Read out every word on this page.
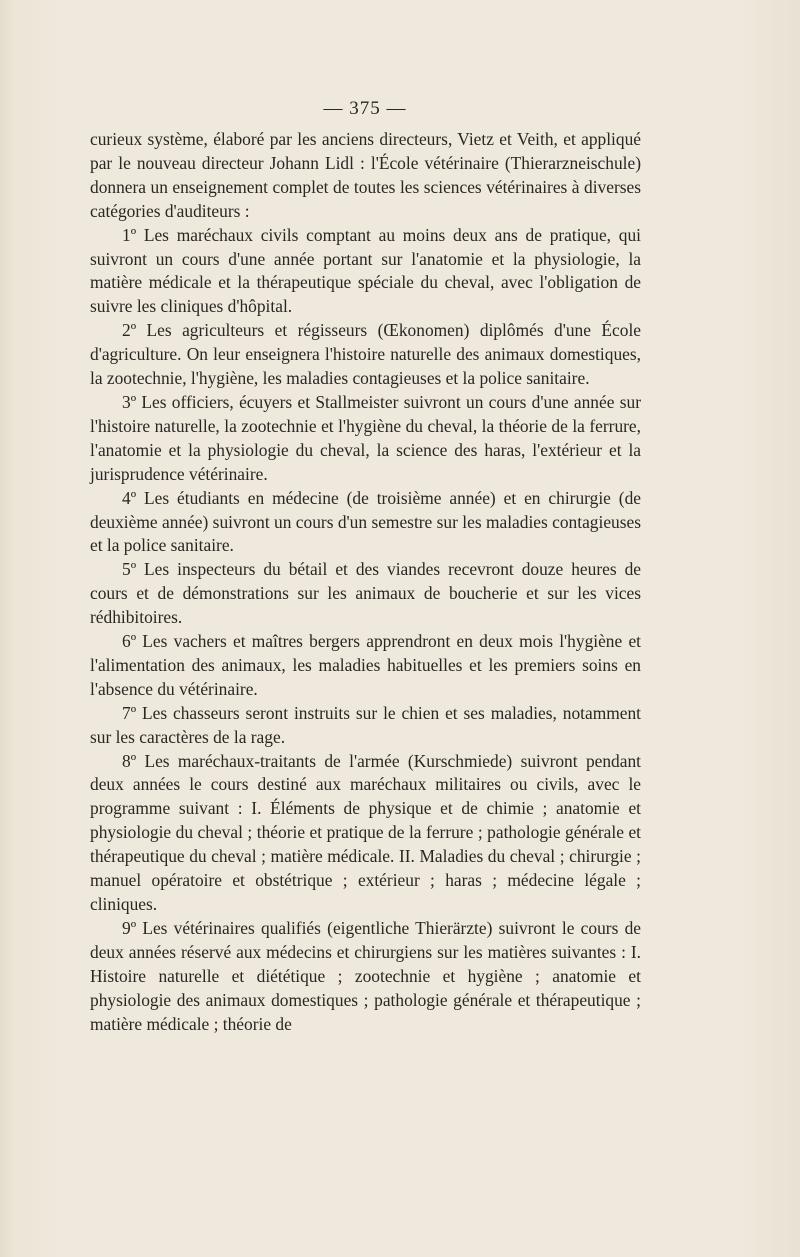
— 375 —

curieux système, élaboré par les anciens directeurs, Vietz et Veith, et appliqué par le nouveau directeur Johann Lidl : l'École vétérinaire (Thierarzneischule) donnera un enseignement complet de toutes les sciences vétérinaires à diverses catégories d'auditeurs :

1º Les maréchaux civils comptant au moins deux ans de pratique, qui suivront un cours d'une année portant sur l'anatomie et la physiologie, la matière médicale et la thérapeutique spéciale du cheval, avec l'obligation de suivre les cliniques d'hôpital.

2º Les agriculteurs et régisseurs (Œkonomen) diplômés d'une École d'agriculture. On leur enseignera l'histoire naturelle des animaux domestiques, la zootechnie, l'hygiène, les maladies contagieuses et la police sanitaire.

3º Les officiers, écuyers et Stallmeister suivront un cours d'une année sur l'histoire naturelle, la zootechnie et l'hygiène du cheval, la théorie de la ferrure, l'anatomie et la physiologie du cheval, la science des haras, l'extérieur et la jurisprudence vétérinaire.

4º Les étudiants en médecine (de troisième année) et en chirurgie (de deuxième année) suivront un cours d'un semestre sur les maladies contagieuses et la police sanitaire.

5º Les inspecteurs du bétail et des viandes recevront douze heures de cours et de démonstrations sur les animaux de boucherie et sur les vices rédhibitoires.

6º Les vachers et maîtres bergers apprendront en deux mois l'hygiène et l'alimentation des animaux, les maladies habituelles et les premiers soins en l'absence du vétérinaire.

7º Les chasseurs seront instruits sur le chien et ses maladies, notamment sur les caractères de la rage.

8º Les maréchaux-traitants de l'armée (Kurschmiede) suivront pendant deux années le cours destiné aux maréchaux militaires ou civils, avec le programme suivant : I. Éléments de physique et de chimie ; anatomie et physiologie du cheval ; théorie et pratique de la ferrure ; pathologie générale et thérapeutique du cheval ; matière médicale. II. Maladies du cheval ; chirurgie ; manuel opératoire et obstétrique ; extérieur ; haras ; médecine légale ; cliniques.

9º Les vétérinaires qualifiés (eigentliche Thierärzte) suivront le cours de deux années réservé aux médecins et chirurgiens sur les matières suivantes : I. Histoire naturelle et diététique ; zootechnie et hygiène ; anatomie et physiologie des animaux domestiques ; pathologie générale et thérapeutique ; matière médicale ; théorie de
